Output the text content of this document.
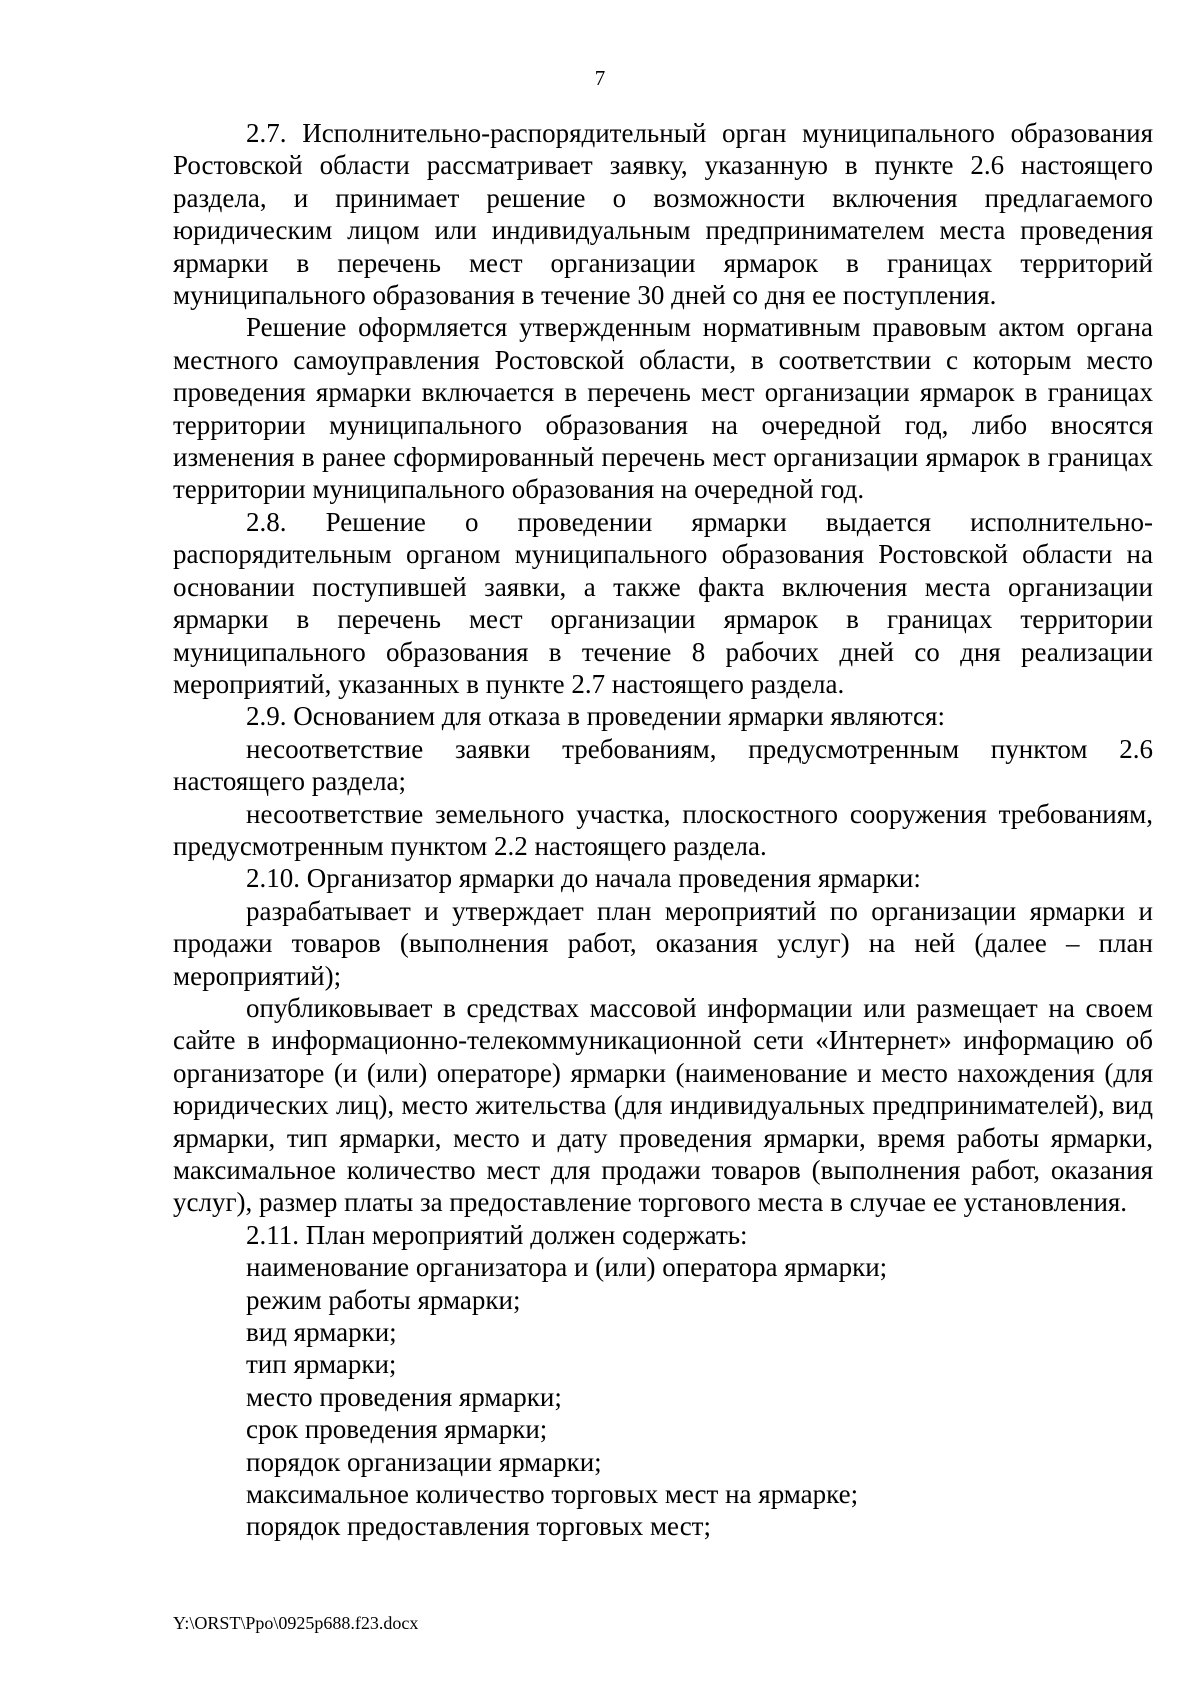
7

2.7. Исполнительно-распорядительный орган муниципального образования Ростовской области рассматривает заявку, указанную в пункте 2.6 настоящего раздела, и принимает решение о возможности включения предлагаемого юридическим лицом или индивидуальным предпринимателем места проведения ярмарки в перечень мест организации ярмарок в границах территорий муниципального образования в течение 30 дней со дня ее поступления.

Решение оформляется утвержденным нормативным правовым актом органа местного самоуправления Ростовской области, в соответствии с которым место проведения ярмарки включается в перечень мест организации ярмарок в границах территории муниципального образования на очередной год, либо вносятся изменения в ранее сформированный перечень мест организации ярмарок в границах территории муниципального образования на очередной год.

2.8. Решение о проведении ярмарки выдается исполнительно-распорядительным органом муниципального образования Ростовской области на основании поступившей заявки, а также факта включения места организации ярмарки в перечень мест организации ярмарок в границах территории муниципального образования в течение 8 рабочих дней со дня реализации мероприятий, указанных в пункте 2.7 настоящего раздела.

2.9. Основанием для отказа в проведении ярмарки являются:

несоответствие заявки требованиям, предусмотренным пунктом 2.6 настоящего раздела;

несоответствие земельного участка, плоскостного сооружения требованиям, предусмотренным пунктом 2.2 настоящего раздела.

2.10. Организатор ярмарки до начала проведения ярмарки:

разрабатывает и утверждает план мероприятий по организации ярмарки и продажи товаров (выполнения работ, оказания услуг) на ней (далее – план мероприятий);

опубликовывает в средствах массовой информации или размещает на своем сайте в информационно-телекоммуникационной сети «Интернет» информацию об организаторе (и (или) операторе) ярмарки (наименование и место нахождения (для юридических лиц), место жительства (для индивидуальных предпринимателей), вид ярмарки, тип ярмарки, место и дату проведения ярмарки, время работы ярмарки, максимальное количество мест для продажи товаров (выполнения работ, оказания услуг), размер платы за предоставление торгового места в случае ее установления.

2.11. План мероприятий должен содержать:

наименование организатора и (или) оператора ярмарки;

режим работы ярмарки;

вид ярмарки;

тип ярмарки;

место проведения ярмарки;

срок проведения ярмарки;

порядок организации ярмарки;

максимальное количество торговых мест на ярмарке;

порядок предоставления торговых мест;

Y:\ORST\Ppo\0925p688.f23.docx
